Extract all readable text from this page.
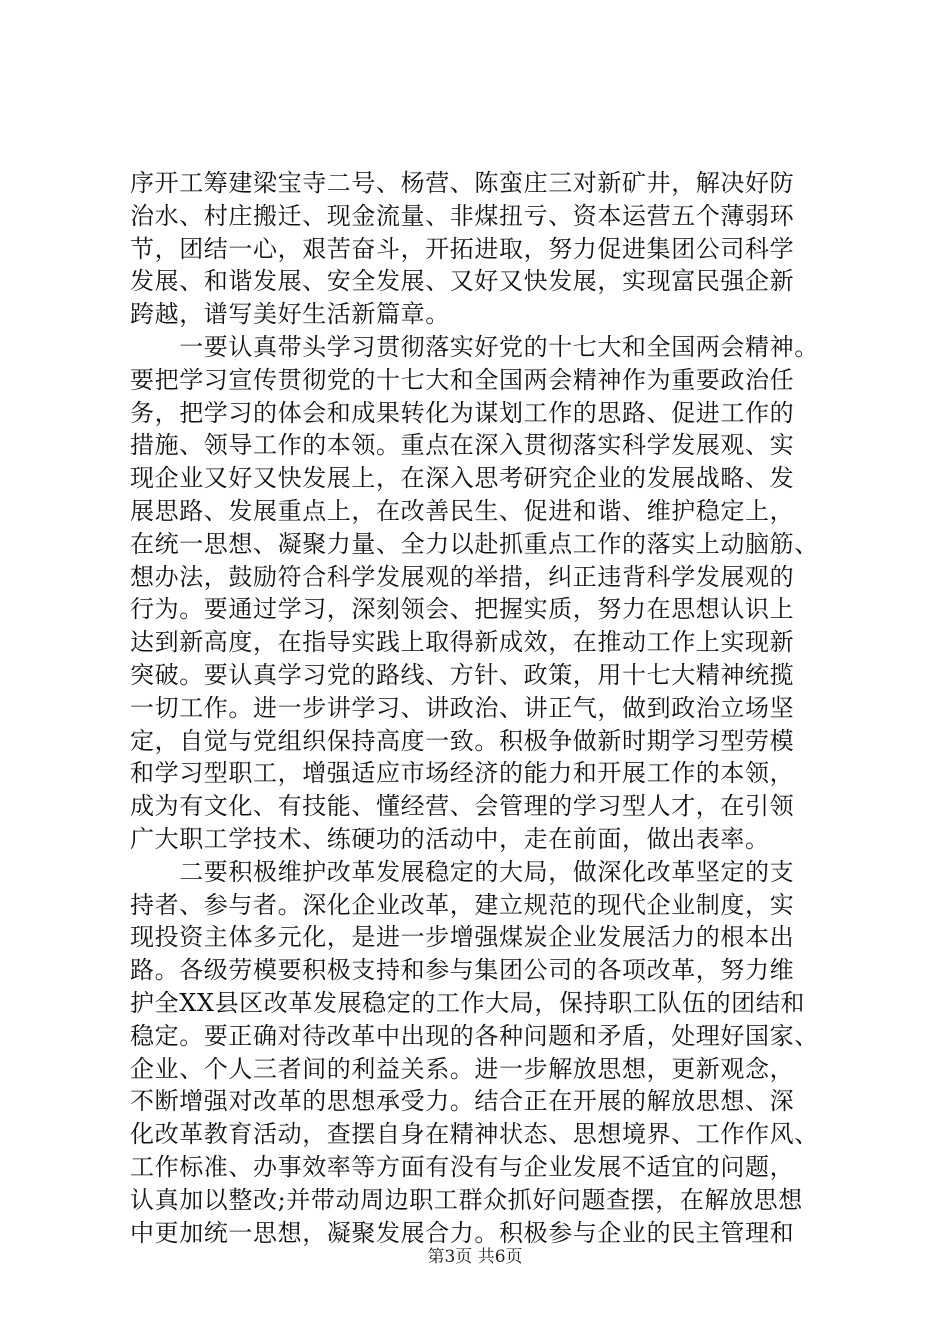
序开工筹建梁宝寺二号、杨营、陈蛮庄三对新矿井，解决好防
治水、村庄搬迁、现金流量、非煤扭亏、资本运营五个薄弱环
节，团结一心，艰苦奋斗，开拓进取，努力促进集团公司科学
发展、和谐发展、安全发展、又好又快发展，实现富民强企新
跨越，谱写美好生活新篇章。
　　一要认真带头学习贯彻落实好党的十七大和全国两会精神。
要把学习宣传贯彻党的十七大和全国两会精神作为重要政治任
务，把学习的体会和成果转化为谋划工作的思路、促进工作的
措施、领导工作的本领。重点在深入贯彻落实科学发展观、实
现企业又好又快发展上，在深入思考研究企业的发展战略、发
展思路、发展重点上，在改善民生、促进和谐、维护稳定上，
在统一思想、凝聚力量、全力以赴抓重点工作的落实上动脑筋、
想办法，鼓励符合科学发展观的举措，纠正违背科学发展观的
行为。要通过学习，深刻领会、把握实质，努力在思想认识上
达到新高度，在指导实践上取得新成效，在推动工作上实现新
突破。要认真学习党的路线、方针、政策，用十七大精神统揽
一切工作。进一步讲学习、讲政治、讲正气，做到政治立场坚
定，自觉与党组织保持高度一致。积极争做新时期学习型劳模
和学习型职工，增强适应市场经济的能力和开展工作的本领，
成为有文化、有技能、懂经营、会管理的学习型人才，在引领
广大职工学技术、练硬功的活动中，走在前面，做出表率。
　　二要积极维护改革发展稳定的大局，做深化改革坚定的支
持者、参与者。深化企业改革，建立规范的现代企业制度，实
现投资主体多元化，是进一步增强煤炭企业发展活力的根本出
路。各级劳模要积极支持和参与集团公司的各项改革，努力维
护全XX县区改革发展稳定的工作大局，保持职工队伍的团结和
稳定。要正确对待改革中出现的各种问题和矛盾，处理好国家、
企业、个人三者间的利益关系。进一步解放思想，更新观念，
不断增强对改革的思想承受力。结合正在开展的解放思想、深
化改革教育活动，查摆自身在精神状态、思想境界、工作作风、
工作标准、办事效率等方面有没有与企业发展不适宜的问题，
认真加以整改;并带动周边职工群众抓好问题查摆，在解放思想
中更加统一思想，凝聚发展合力。积极参与企业的民主管理和
第3页 共6页
